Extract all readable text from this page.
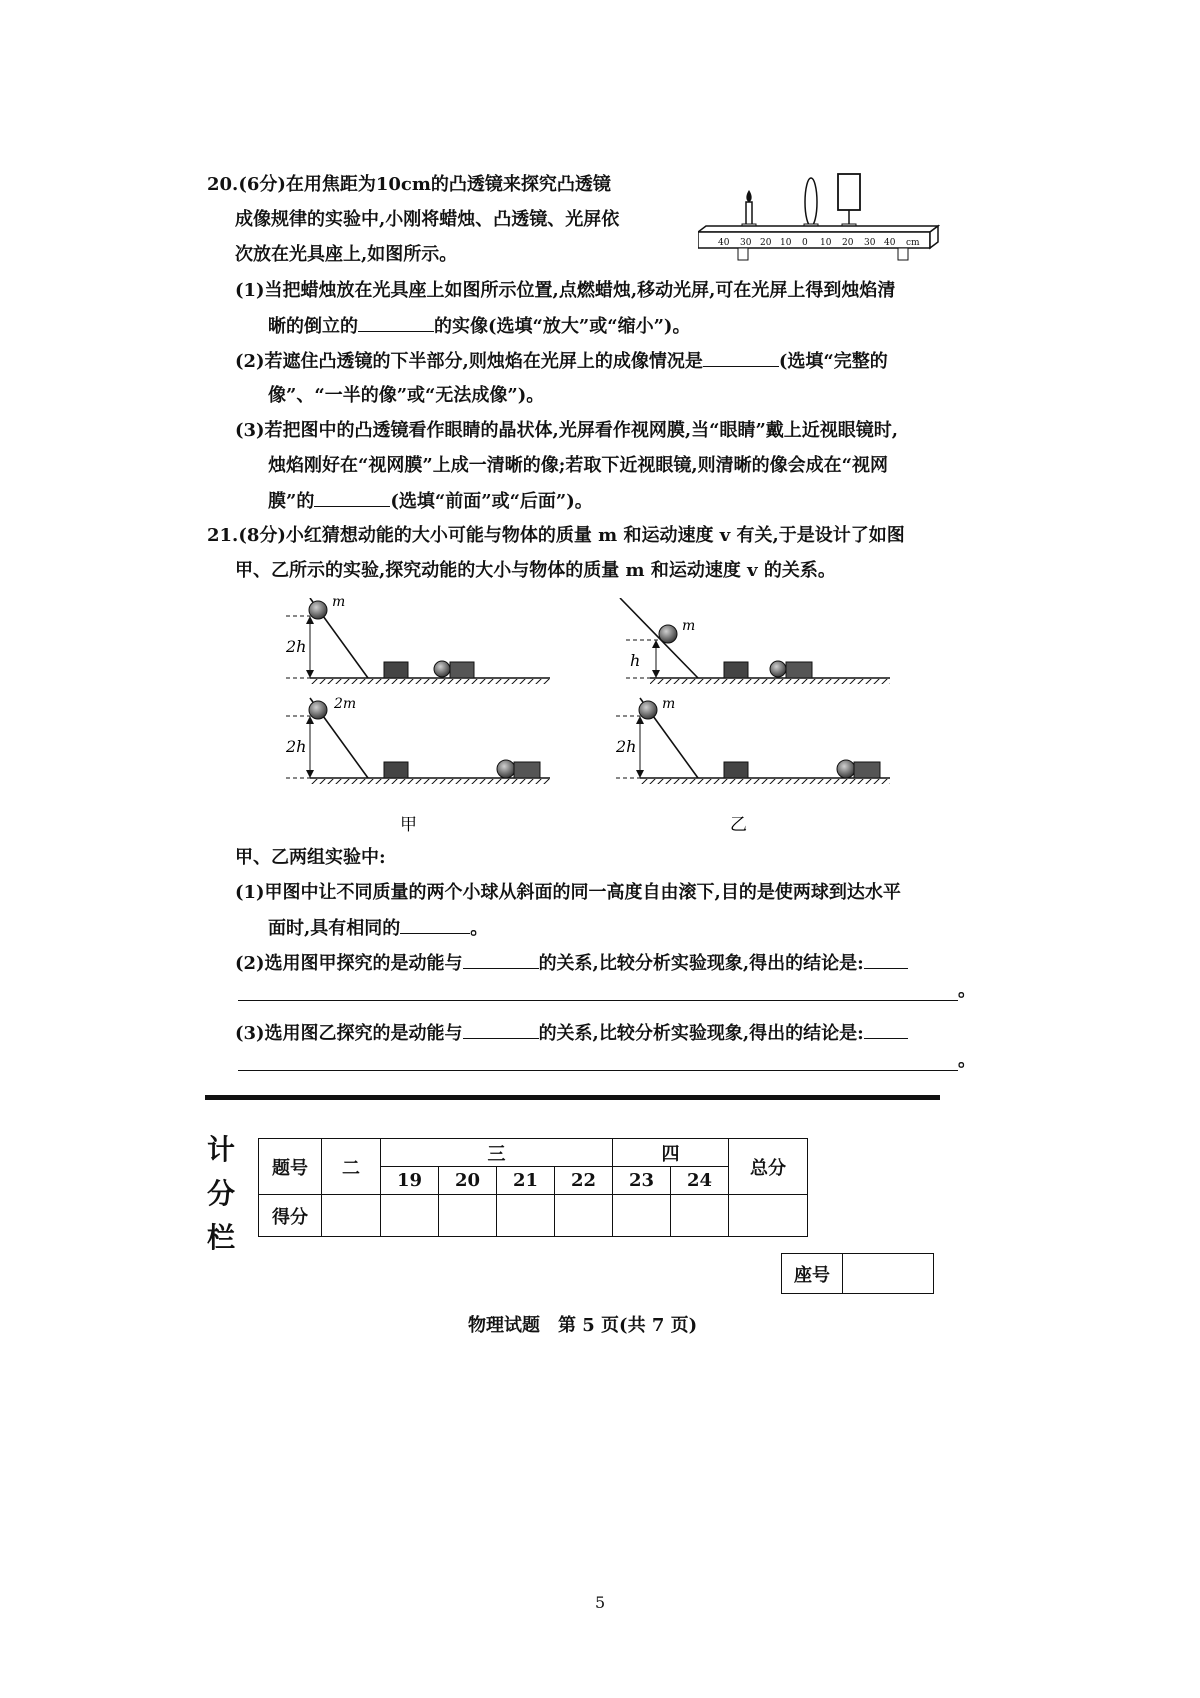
20.(6分)在用焦距为10cm的凸透镜来探究凸透镜
成像规律的实验中,小刚将蜡烛、凸透镜、光屏依
次放在光具座上,如图所示。
40 30 20 10 0 10 20 30 40 cm
(1)当把蜡烛放在光具座上如图所示位置,点燃蜡烛,移动光屏,可在光屏上得到烛焰清
晰的倒立的	的实像(选填“放大”或“缩小”)。
(2)若遮住凸透镜的下半部分,则烛焰在光屏上的成像情况是	(选填“完整的
像”、“一半的像”或“无法成像”)。
(3)若把图中的凸透镜看作眼睛的晶状体,光屏看作视网膜,当“眼睛”戴上近视眼镜时,
烛焰刚好在“视网膜”上成一清晰的像;若取下近视眼镜,则清晰的像会成在“视网
膜”的	(选填“前面”或“后面”)。
21.(8分)小红猜想动能的大小可能与物体的质量 m 和运动速度 v 有关,于是设计了如图
甲、乙所示的实验,探究动能的大小与物体的质量 m 和运动速度 v 的关系。
m
2h
2m
2h
m
h
m
2h
甲	乙
甲、乙两组实验中:
(1)甲图中让不同质量的两个小球从斜面的同一高度自由滚下,目的是使两球到达水平
面时,具有相同的	。
(2)选用图甲探究的是动能与	的关系,比较分析实验现象,得出的结论是:
。
(3)选用图乙探究的是动能与	的关系,比较分析实验现象,得出的结论是:
。
计
分
栏
题号	二	三				四		总分
		19	20	21	22	23	24	
得分								
座号	
物理试题　第 5 页(共 7 页)
5
